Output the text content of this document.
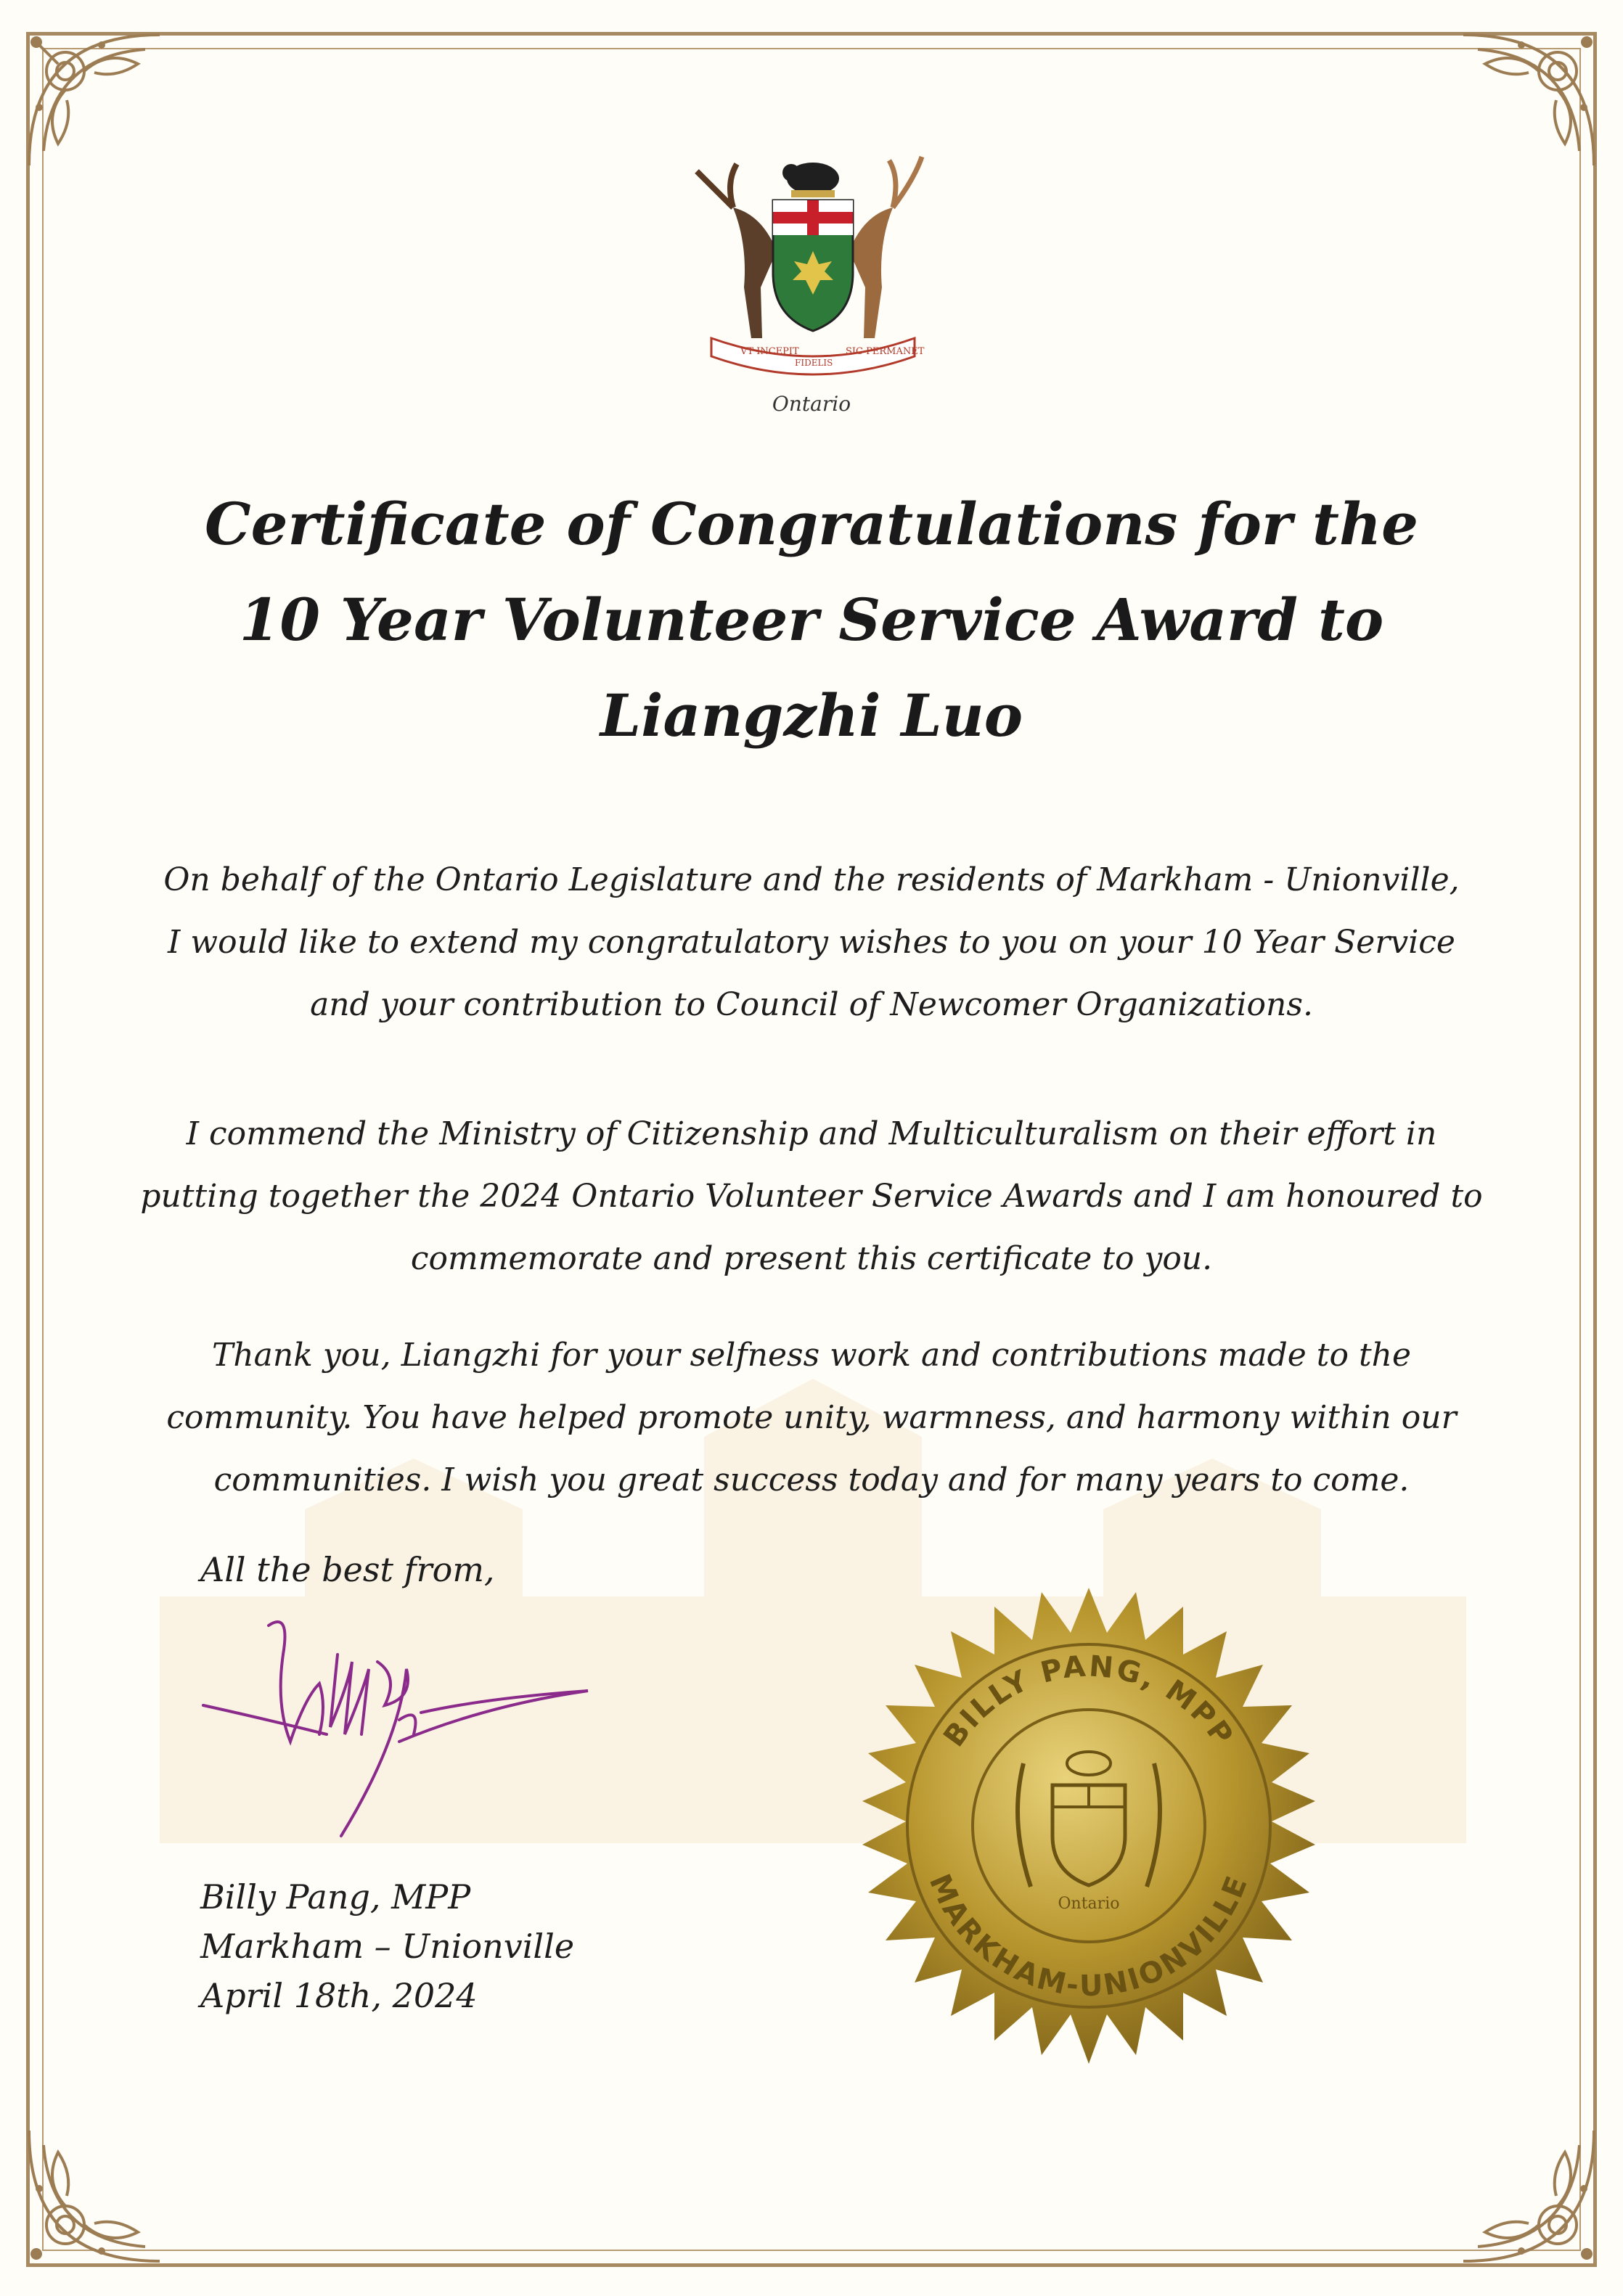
VT INCEPIT
FIDELIS
SIC PERMANET
Ontario
Certificate of Congratulations for the
10 Year Volunteer Service Award to
Liangzhi Luo
On behalf of the Ontario Legislature and the residents of Markham - Unionville,
I would like to extend my congratulatory wishes to you on your 10 Year Service
and your contribution to Council of Newcomer Organizations.
I commend the Ministry of Citizenship and Multiculturalism on their effort in
putting together the 2024 Ontario Volunteer Service Awards and I am honoured to
commemorate and present this certificate to you.
Thank you, Liangzhi for your selfness work and contributions made to the
community. You have helped promote unity, warmness, and harmony within our
communities. I wish you great success today and for many years to come.
All the best from,
Billy Pang, MPP
Markham – Unionville
April 18th, 2024
BILLY PANG, MPP
MARKHAM-UNIONVILLE
Ontario
